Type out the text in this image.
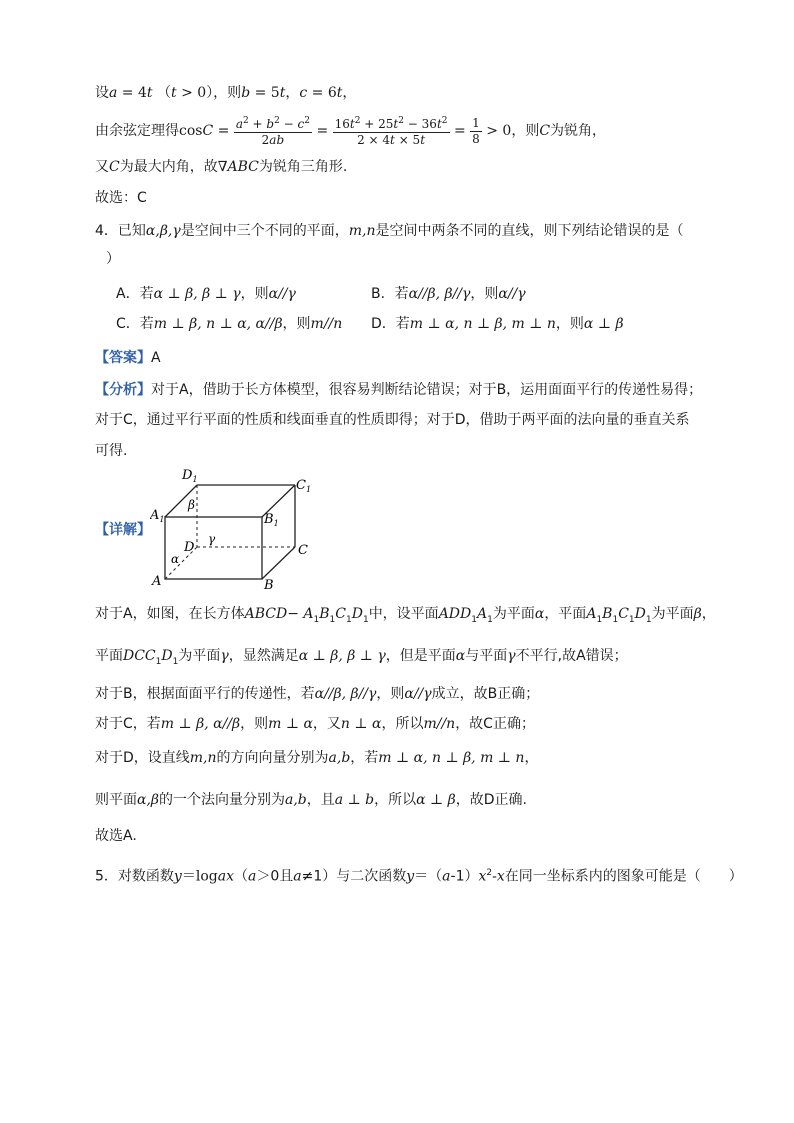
设a = 4t （t > 0），则b = 5t，c = 6t，
由余弦定理得$\cos C = \frac{a^2 + b^2 - c^2}{2ab} = \frac{16t^2 + 25t^2 - 36t^2}{2 \times 4t \times 5t} = \frac{1}{8} > 0$，则C为锐角，
又C为最大内角，故∇ABC为锐角三角形.
故选：C
4．已知α,β,γ是空间中三个不同的平面，m,n是空间中两条不同的直线，则下列结论错误的是（
）
A．若α ⊥ β, β ⊥ γ，则α//γ	B．若α//β, β//γ，则α//γ
C．若m ⊥ β, n ⊥ α, α//β，则m//n D．若m ⊥ α, n ⊥ β, m ⊥ n，则α ⊥ β
【答案】A
【分析】对于A，借助于长方体模型，很容易判断结论错误；对于B，运用面面平行的传递性易得；
对于C，通过平行平面的性质和线面垂直的性质即得；对于D，借助于两平面的法向量的垂直关系
可得.
【详解】
$D_1$	$C_1$
$A_1$	$B_1$
D	C
A	B
β
γ
α
对于A，如图，在长方体ABCD− $A_1B_1C_1D_1$中，设平面$ADD_1A_1$为平面α，平面$A_1B_1C_1D_1$为平面β，
平面$DCC_1D_1$为平面γ，显然满足α ⊥ β, β ⊥ γ，但是平面α与平面γ不平行,故A错误；
对于B，根据面面平行的传递性，若α//β, β//γ，则α//γ成立，故B正确；
对于C，若m ⊥ β, α//β，则m ⊥ α，又n ⊥ α，所以m//n，故C正确；
对于D，设直线m,n的方向向量分别为a,b，若m ⊥ α, n ⊥ β, m ⊥ n，
则平面α,β的一个法向量分别为a,b，且a ⊥ b，所以α ⊥ β，故D正确.
故选A.
5．对数函数y＝logax（a＞0且a≠1）与二次函数$y=(a-1)x^2-x$在同一坐标系内的图象可能是（　　）
